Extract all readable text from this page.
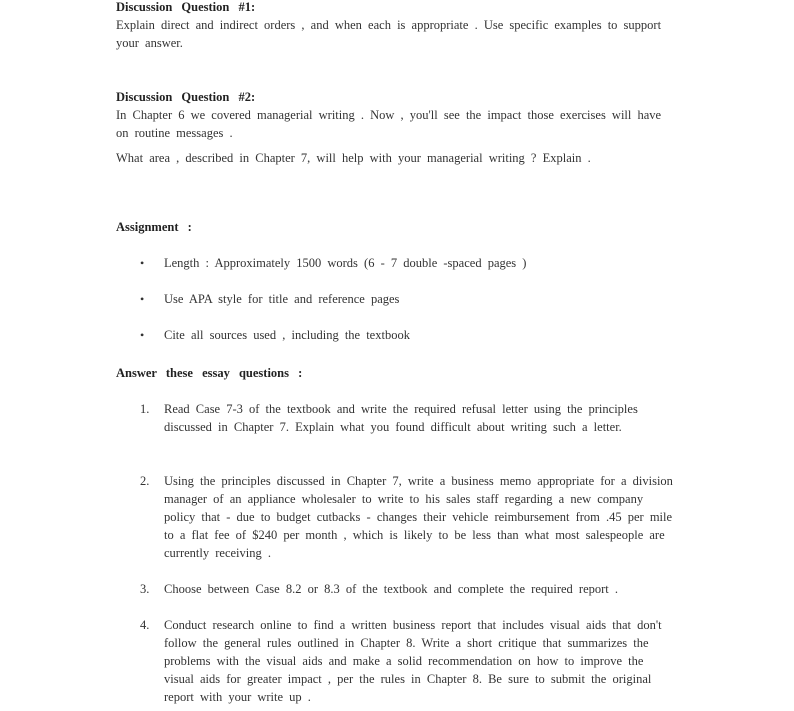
Discussion Question #1:

Explain direct and indirect orders , and when each is appropriate . Use specific examples to support your answer.

Discussion Question #2:

In Chapter 6 we covered managerial writing . Now , you'll see the impact those exercises will have on routine messages .

What area , described in Chapter 7, will help with your managerial writing ? Explain .

Assignment :
• Length : Approximately 1500 words (6 - 7 double -spaced pages )
• Use APA style for title and reference pages
• Cite all sources used , including the textbook
Answer these essay questions :
1. Read Case 7-3 of the textbook and write the required refusal letter using the principles discussed in Chapter 7. Explain what you found difficult about writing such a letter.
2. Using the principles discussed in Chapter 7, write a business memo appropriate for a division manager of an appliance wholesaler to write to his sales staff regarding a new company policy that - due to budget cutbacks - changes their vehicle reimbursement from .45 per mile to a flat fee of $240 per month , which is likely to be less than what most salespeople are currently receiving .
3. Choose between Case 8.2 or 8.3 of the textbook and complete the required report .
4. Conduct research online to find a written business report that includes visual aids that don't follow the general rules outlined in Chapter 8. Write a short critique that summarizes the problems with the visual aids and make a solid recommendation on how to improve the visual aids for greater impact , per the rules in Chapter 8. Be sure to submit the original report with your write up .
